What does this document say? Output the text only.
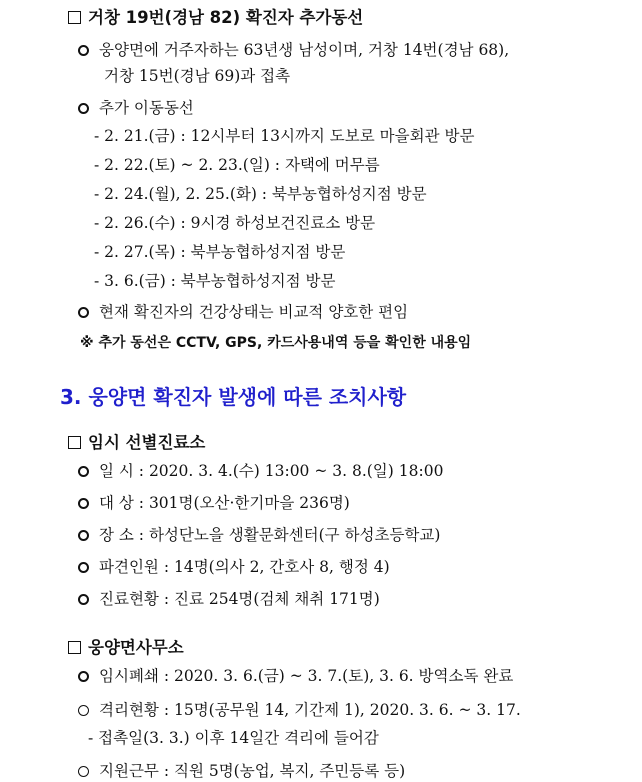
거창 19번(경남 82) 확진자 추가동선
웅양면에 거주자하는 63년생 남성이며, 거창 14번(경남 68),
거창 15번(경남 69)과 접촉
추가 이동동선
- 2. 21.(금) : 12시부터 13시까지 도보로 마을회관 방문
- 2. 22.(토) ~ 2. 23.(일) : 자택에 머무름
- 2. 24.(월), 2. 25.(화) : 북부농협하성지점 방문
- 2. 26.(수) : 9시경 하성보건진료소 방문
- 2. 27.(목) : 북부농협하성지점 방문
- 3. 6.(금) : 북부농협하성지점 방문
현재 확진자의 건강상태는 비교적 양호한 편임
※ 추가 동선은 CCTV, GPS, 카드사용내역 등을 확인한 내용임
3. 웅양면 확진자 발생에 따른 조치사항
임시 선별진료소
일 시 : 2020. 3. 4.(수) 13:00 ~ 3. 8.(일) 18:00
대 상 : 301명(오산·한기마을 236명)
장 소 : 하성단노을 생활문화센터(구 하성초등학교)
파견인원 : 14명(의사 2, 간호사 8, 행정 4)
진료현황 : 진료 254명(검체 채취 171명)
웅양면사무소
임시폐쇄 : 2020. 3. 6.(금) ~ 3. 7.(토), 3. 6. 방역소독 완료
격리현황 : 15명(공무원 14, 기간제 1), 2020. 3. 6. ~ 3. 17.
- 접촉일(3. 3.) 이후 14일간 격리에 들어감
지원근무 : 직원 5명(농업, 복지, 주민등록 등)
